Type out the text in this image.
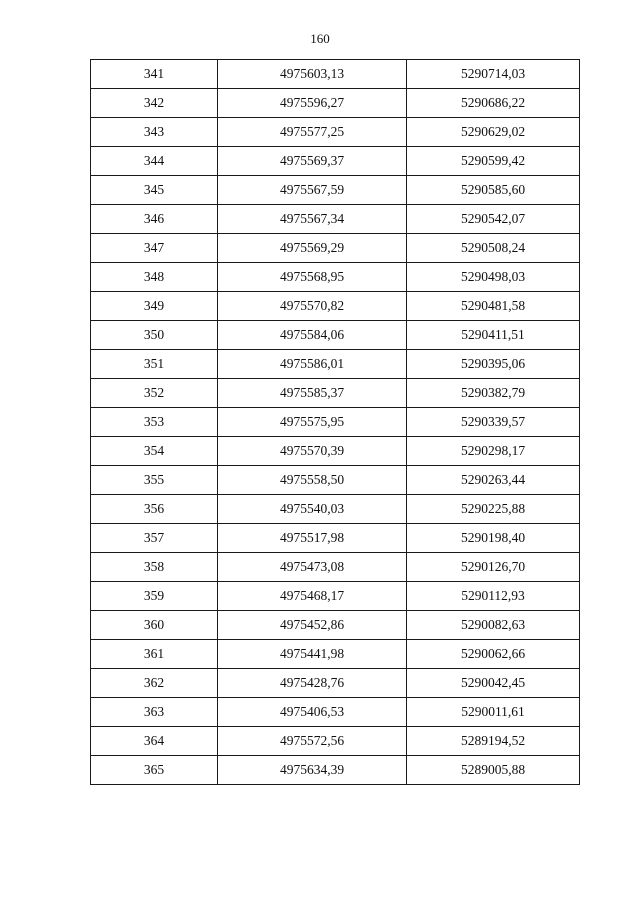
160
341	4975603,13	5290714,03
342	4975596,27	5290686,22
343	4975577,25	5290629,02
344	4975569,37	5290599,42
345	4975567,59	5290585,60
346	4975567,34	5290542,07
347	4975569,29	5290508,24
348	4975568,95	5290498,03
349	4975570,82	5290481,58
350	4975584,06	5290411,51
351	4975586,01	5290395,06
352	4975585,37	5290382,79
353	4975575,95	5290339,57
354	4975570,39	5290298,17
355	4975558,50	5290263,44
356	4975540,03	5290225,88
357	4975517,98	5290198,40
358	4975473,08	5290126,70
359	4975468,17	5290112,93
360	4975452,86	5290082,63
361	4975441,98	5290062,66
362	4975428,76	5290042,45
363	4975406,53	5290011,61
364	4975572,56	5289194,52
365	4975634,39	5289005,88
